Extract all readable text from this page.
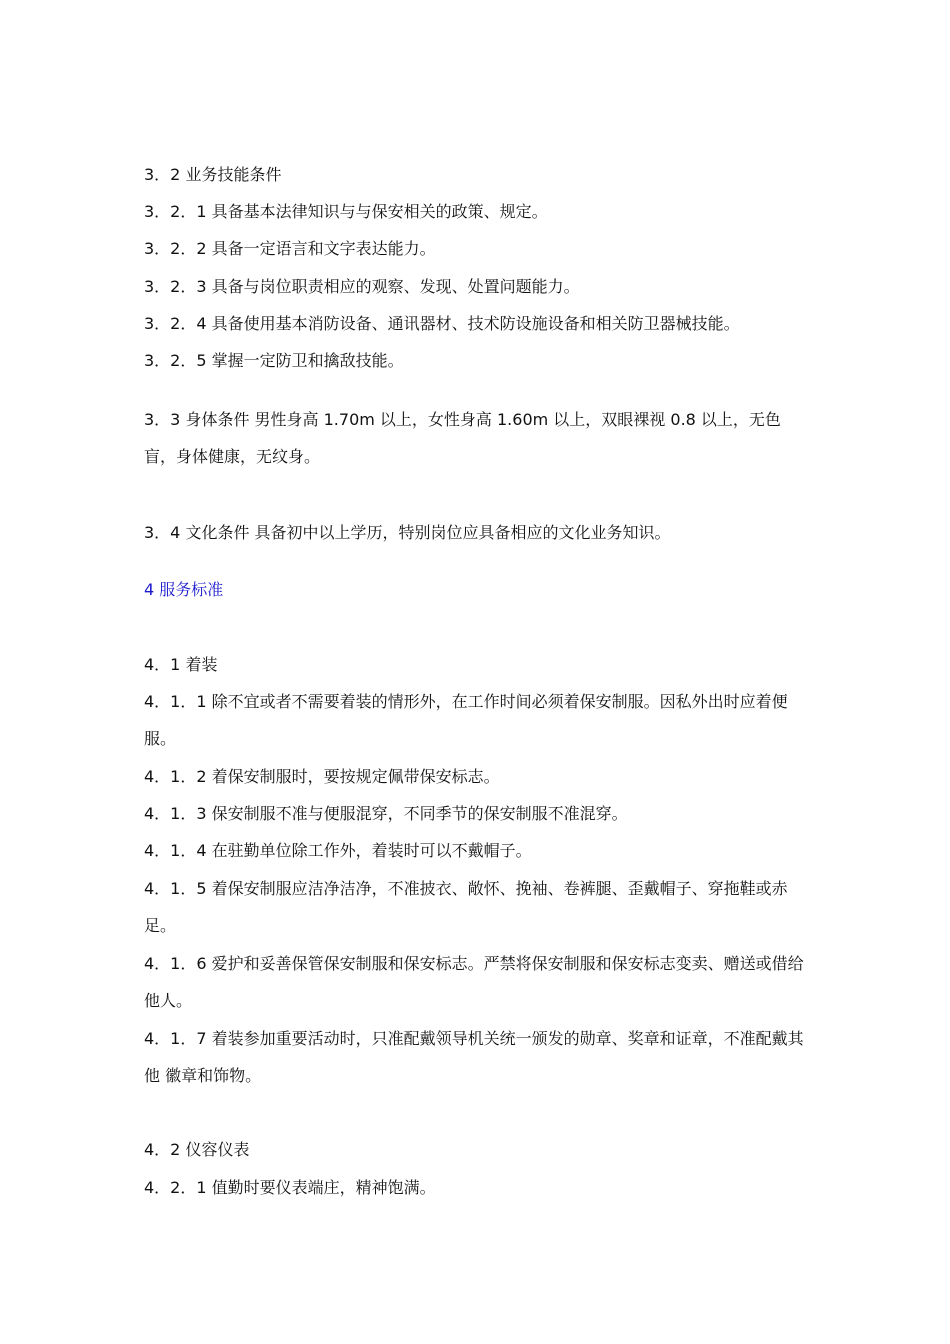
3．2 业务技能条件
3．2．1 具备基本法律知识与与保安相关的政策、规定。
3．2．2 具备一定语言和文字表达能力。
3．2．3 具备与岗位职责相应的观察、发现、处置问题能力。
3．2．4 具备使用基本消防设备、通讯器材、技术防设施设备和相关防卫器械技能。
3．2．5 掌握一定防卫和擒敌技能。
3．3 身体条件 男性身高 1.70m 以上，女性身高 1.60m 以上，双眼裸视 0.8 以上，无色盲，身体健康，无纹身。
3．4 文化条件 具备初中以上学历，特别岗位应具备相应的文化业务知识。
4 服务标准
4．1 着装
4．1．1 除不宜或者不需要着装的情形外，在工作时间必须着保安制服。因私外出时应着便服。
4．1．2 着保安制服时，要按规定佩带保安标志。
4．1．3 保安制服不准与便服混穿，不同季节的保安制服不准混穿。
4．1．4 在驻勤单位除工作外，着装时可以不戴帽子。
4．1．5 着保安制服应洁净洁净，不准披衣、敞怀、挽袖、卷裤腿、歪戴帽子、穿拖鞋或赤足。
4．1．6 爱护和妥善保管保安制服和保安标志。严禁将保安制服和保安标志变卖、赠送或借给 他人。
4．1．7 着装参加重要活动时，只准配戴领导机关统一颁发的勋章、奖章和证章，不准配戴其他 徽章和饰物。
4．2 仪容仪表
4．2．1 值勤时要仪表端庄，精神饱满。
